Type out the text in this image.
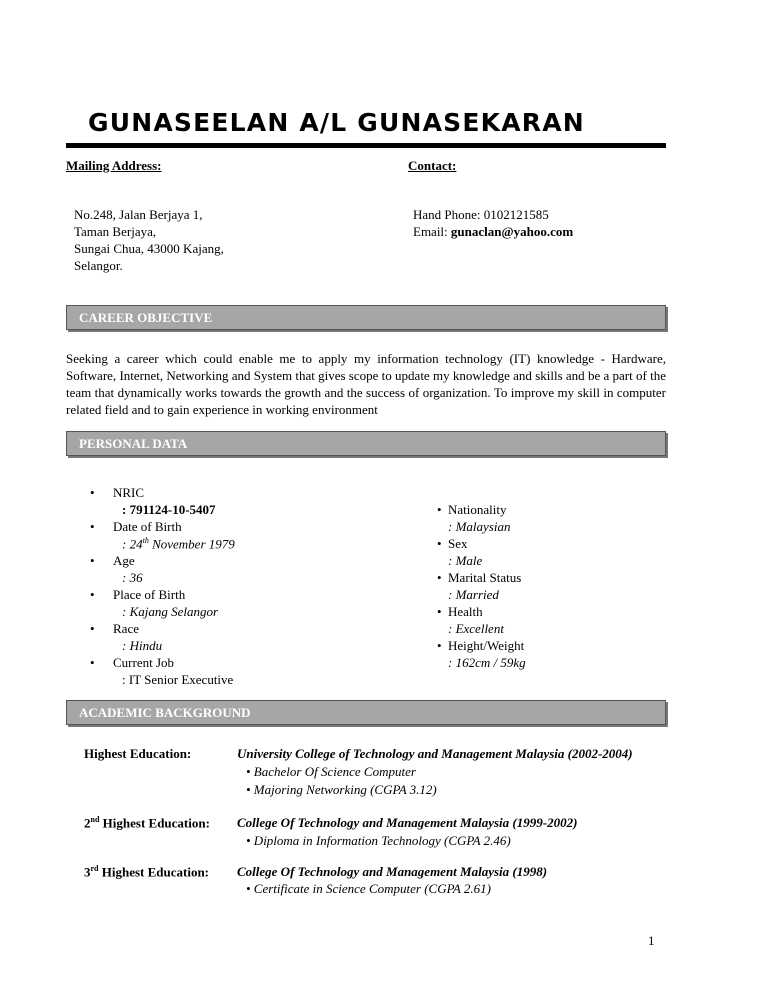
GUNASEELAN A/L GUNASEKARAN
Mailing Address:	Contact:
No.248, Jalan Berjaya 1,
Taman Berjaya,
Sungai Chua, 43000 Kajang,
Selangor.
Hand Phone: 0102121585
Email: gunaclan@yahoo.com
CAREER OBJECTIVE
Seeking a career which could enable me to apply my information technology (IT) knowledge - Hardware, Software, Internet, Networking and System that gives scope to update my knowledge and skills and be a part of the team that dynamically works towards the growth and the success of organization. To improve my skill in computer related field and to gain experience in working environment
PERSONAL DATA
• NRIC
: 791124-10-5407
• Date of Birth
: 24th November 1979
• Age
: 36
• Place of Birth
: Kajang Selangor
• Race
: Hindu
• Current Job
: IT Senior Executive
• Nationality
: Malaysian
• Sex
: Male
• Marital Status
: Married
• Health
: Excellent
• Height/Weight
: 162cm / 59kg
ACADEMIC BACKGROUND
Highest Education:	University College of Technology and Management Malaysia (2002-2004)
• Bachelor Of Science Computer
• Majoring Networking (CGPA 3.12)
2nd Highest Education: College Of Technology and Management Malaysia (1999-2002)
• Diploma in Information Technology (CGPA 2.46)
3rd Highest Education: College Of Technology and Management Malaysia (1998)
• Certificate in Science Computer (CGPA 2.61)
1
